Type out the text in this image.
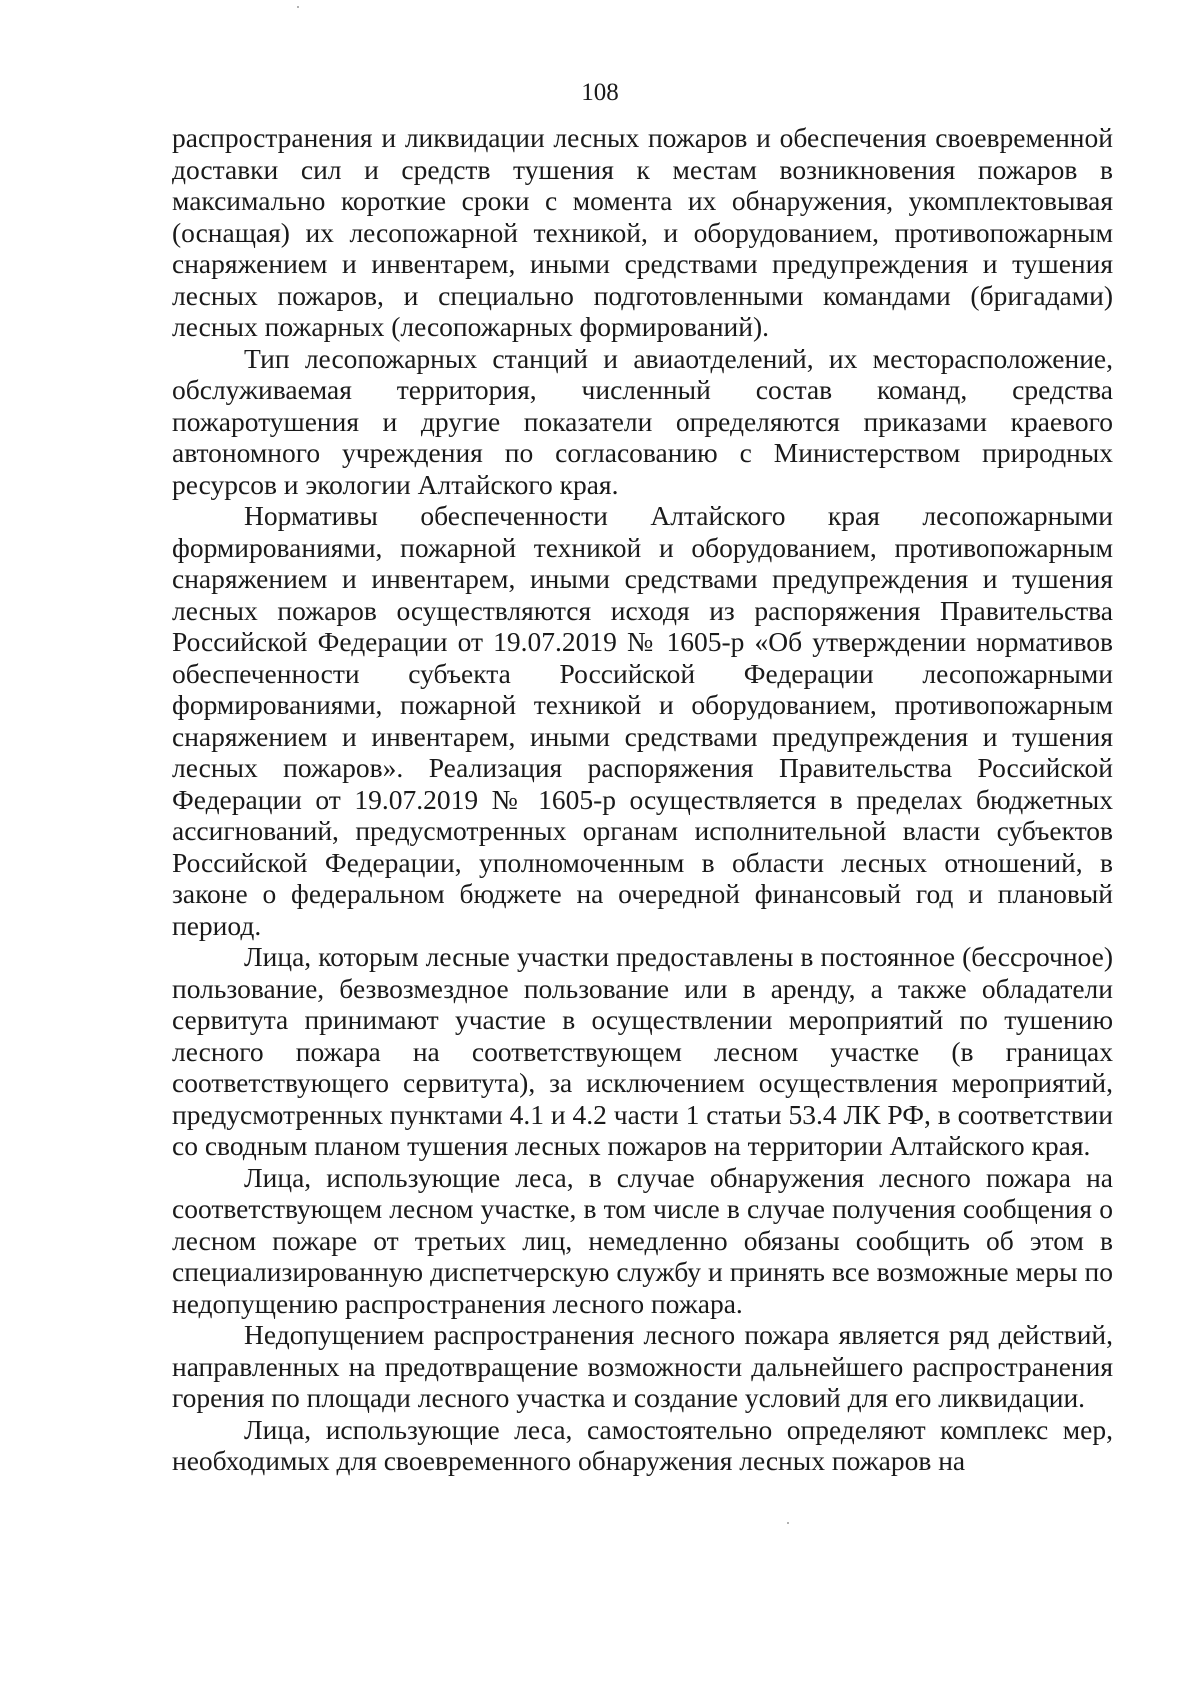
108

распространения и ликвидации лесных пожаров и обеспечения своевременной доставки сил и средств тушения к местам возникновения пожаров в максимально короткие сроки с момента их обнаружения, укомплектовывая (оснащая) их лесопожарной техникой, и оборудованием, противопожарным снаряжением и инвентарем, иными средствами предупреждения и тушения лесных пожаров, и специально подготовленными командами (бригадами) лесных пожарных (лесопожарных формирований).

Тип лесопожарных станций и авиаотделений, их месторасположение, обслуживаемая территория, численный состав команд, средства пожаротушения и другие показатели определяются приказами краевого автономного учреждения по согласованию с Министерством природных ресурсов и экологии Алтайского края.

Нормативы обеспеченности Алтайского края лесопожарными формированиями, пожарной техникой и оборудованием, противопожарным снаряжением и инвентарем, иными средствами предупреждения и тушения лесных пожаров осуществляются исходя из распоряжения Правительства Российской Федерации от 19.07.2019 № 1605-р «Об утверждении нормативов обеспеченности субъекта Российской Федерации лесопожарными формированиями, пожарной техникой и оборудованием, противопожарным снаряжением и инвентарем, иными средствами предупреждения и тушения лесных пожаров». Реализация распоряжения Правительства Российской Федерации от 19.07.2019 № 1605-р осуществляется в пределах бюджетных ассигнований, предусмотренных органам исполнительной власти субъектов Российской Федерации, уполномоченным в области лесных отношений, в законе о федеральном бюджете на очередной финансовый год и плановый период.

Лица, которым лесные участки предоставлены в постоянное (бессрочное) пользование, безвозмездное пользование или в аренду, а также обладатели сервитута принимают участие в осуществлении мероприятий по тушению лесного пожара на соответствующем лесном участке (в границах соответствующего сервитута), за исключением осуществления мероприятий, предусмотренных пунктами 4.1 и 4.2 части 1 статьи 53.4 ЛК РФ, в соответствии со сводным планом тушения лесных пожаров на территории Алтайского края.

Лица, использующие леса, в случае обнаружения лесного пожара на соответствующем лесном участке, в том числе в случае получения сообщения о лесном пожаре от третьих лиц, немедленно обязаны сообщить об этом в специализированную диспетчерскую службу и принять все возможные меры по недопущению распространения лесного пожара.

Недопущением распространения лесного пожара является ряд действий, направленных на предотвращение возможности дальнейшего распространения горения по площади лесного участка и создание условий для его ликвидации.

Лица, использующие леса, самостоятельно определяют комплекс мер, необходимых для своевременного обнаружения лесных пожаров на
